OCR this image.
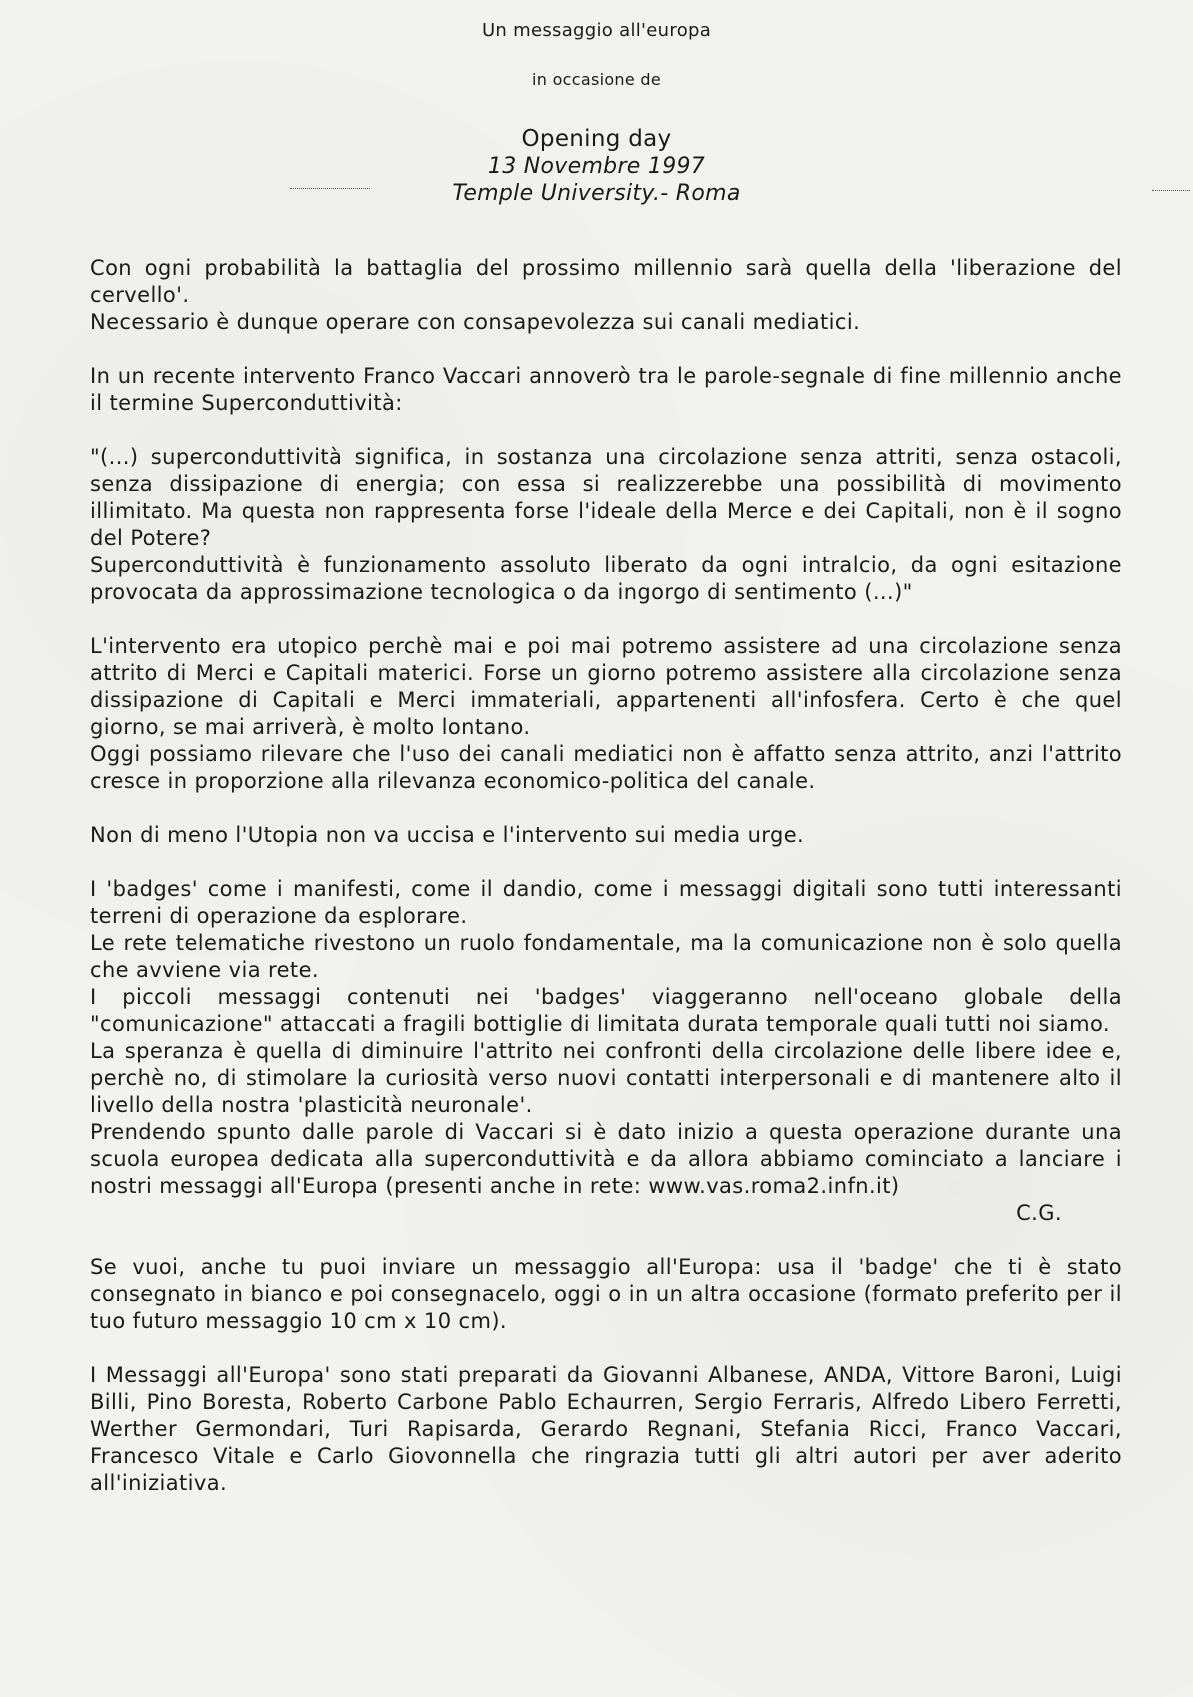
Un messaggio all'europa
in occasione de
Opening day
13 Novembre 1997
Temple University.- Roma

Con ogni probabilità la battaglia del prossimo millennio sarà quella della 'liberazione del cervello'.

Necessario è dunque operare con consapevolezza sui canali mediatici.

In un recente intervento Franco Vaccari annoverò tra le parole-segnale di fine millennio anche il termine Superconduttività:

"(...) superconduttività significa, in sostanza una circolazione senza attriti, senza ostacoli, senza dissipazione di energia; con essa si realizzerebbe una possibilità di movimento illimitato. Ma questa non rappresenta forse l'ideale della Merce e dei Capitali, non è il sogno del Potere?

Superconduttività è funzionamento assoluto liberato da ogni intralcio, da ogni esitazione provocata da approssimazione tecnologica o da ingorgo di sentimento (...)"

L'intervento era utopico perchè mai e poi mai potremo assistere ad una circolazione senza attrito di Merci e Capitali materici. Forse un giorno potremo assistere alla circolazione senza dissipazione di Capitali e Merci immateriali, appartenenti all'infosfera. Certo è che quel giorno, se mai arriverà, è molto lontano.

Oggi possiamo rilevare che l'uso dei canali mediatici non è affatto senza attrito, anzi l'attrito cresce in proporzione alla rilevanza economico-politica del canale.

Non di meno l'Utopia non va uccisa e l'intervento sui media urge.

I 'badges' come i manifesti, come il dandio, come i messaggi digitali sono tutti interessanti terreni di operazione da esplorare.

Le rete telematiche rivestono un ruolo fondamentale, ma la comunicazione non è solo quella che avviene via rete.

I piccoli messaggi contenuti nei 'badges' viaggeranno nell'oceano globale della "comunicazione" attaccati a fragili bottiglie di limitata durata temporale quali tutti noi siamo.

La speranza è quella di diminuire l'attrito nei confronti della circolazione delle libere idee e, perchè no, di stimolare la curiosità verso nuovi contatti interpersonali e di mantenere alto il livello della nostra 'plasticità neuronale'.

Prendendo spunto dalle parole di Vaccari si è dato inizio a questa operazione durante una scuola europea dedicata alla superconduttività e da allora abbiamo cominciato a lanciare i nostri messaggi all'Europa (presenti anche in rete: www.vas.roma2.infn.it)

C.G.

Se vuoi, anche tu puoi inviare un messaggio all'Europa: usa il 'badge' che ti è stato consegnato in bianco e poi consegnacelo, oggi o in un altra occasione (formato preferito per il tuo futuro messaggio 10 cm x 10 cm).

I Messaggi all'Europa' sono stati preparati da Giovanni Albanese, ANDA, Vittore Baroni, Luigi Billi, Pino Boresta, Roberto Carbone Pablo Echaurren, Sergio Ferraris, Alfredo Libero Ferretti, Werther Germondari, Turi Rapisarda, Gerardo Regnani, Stefania Ricci, Franco Vaccari, Francesco Vitale e Carlo Giovonnella che ringrazia tutti gli altri autori per aver aderito all'iniziativa.
